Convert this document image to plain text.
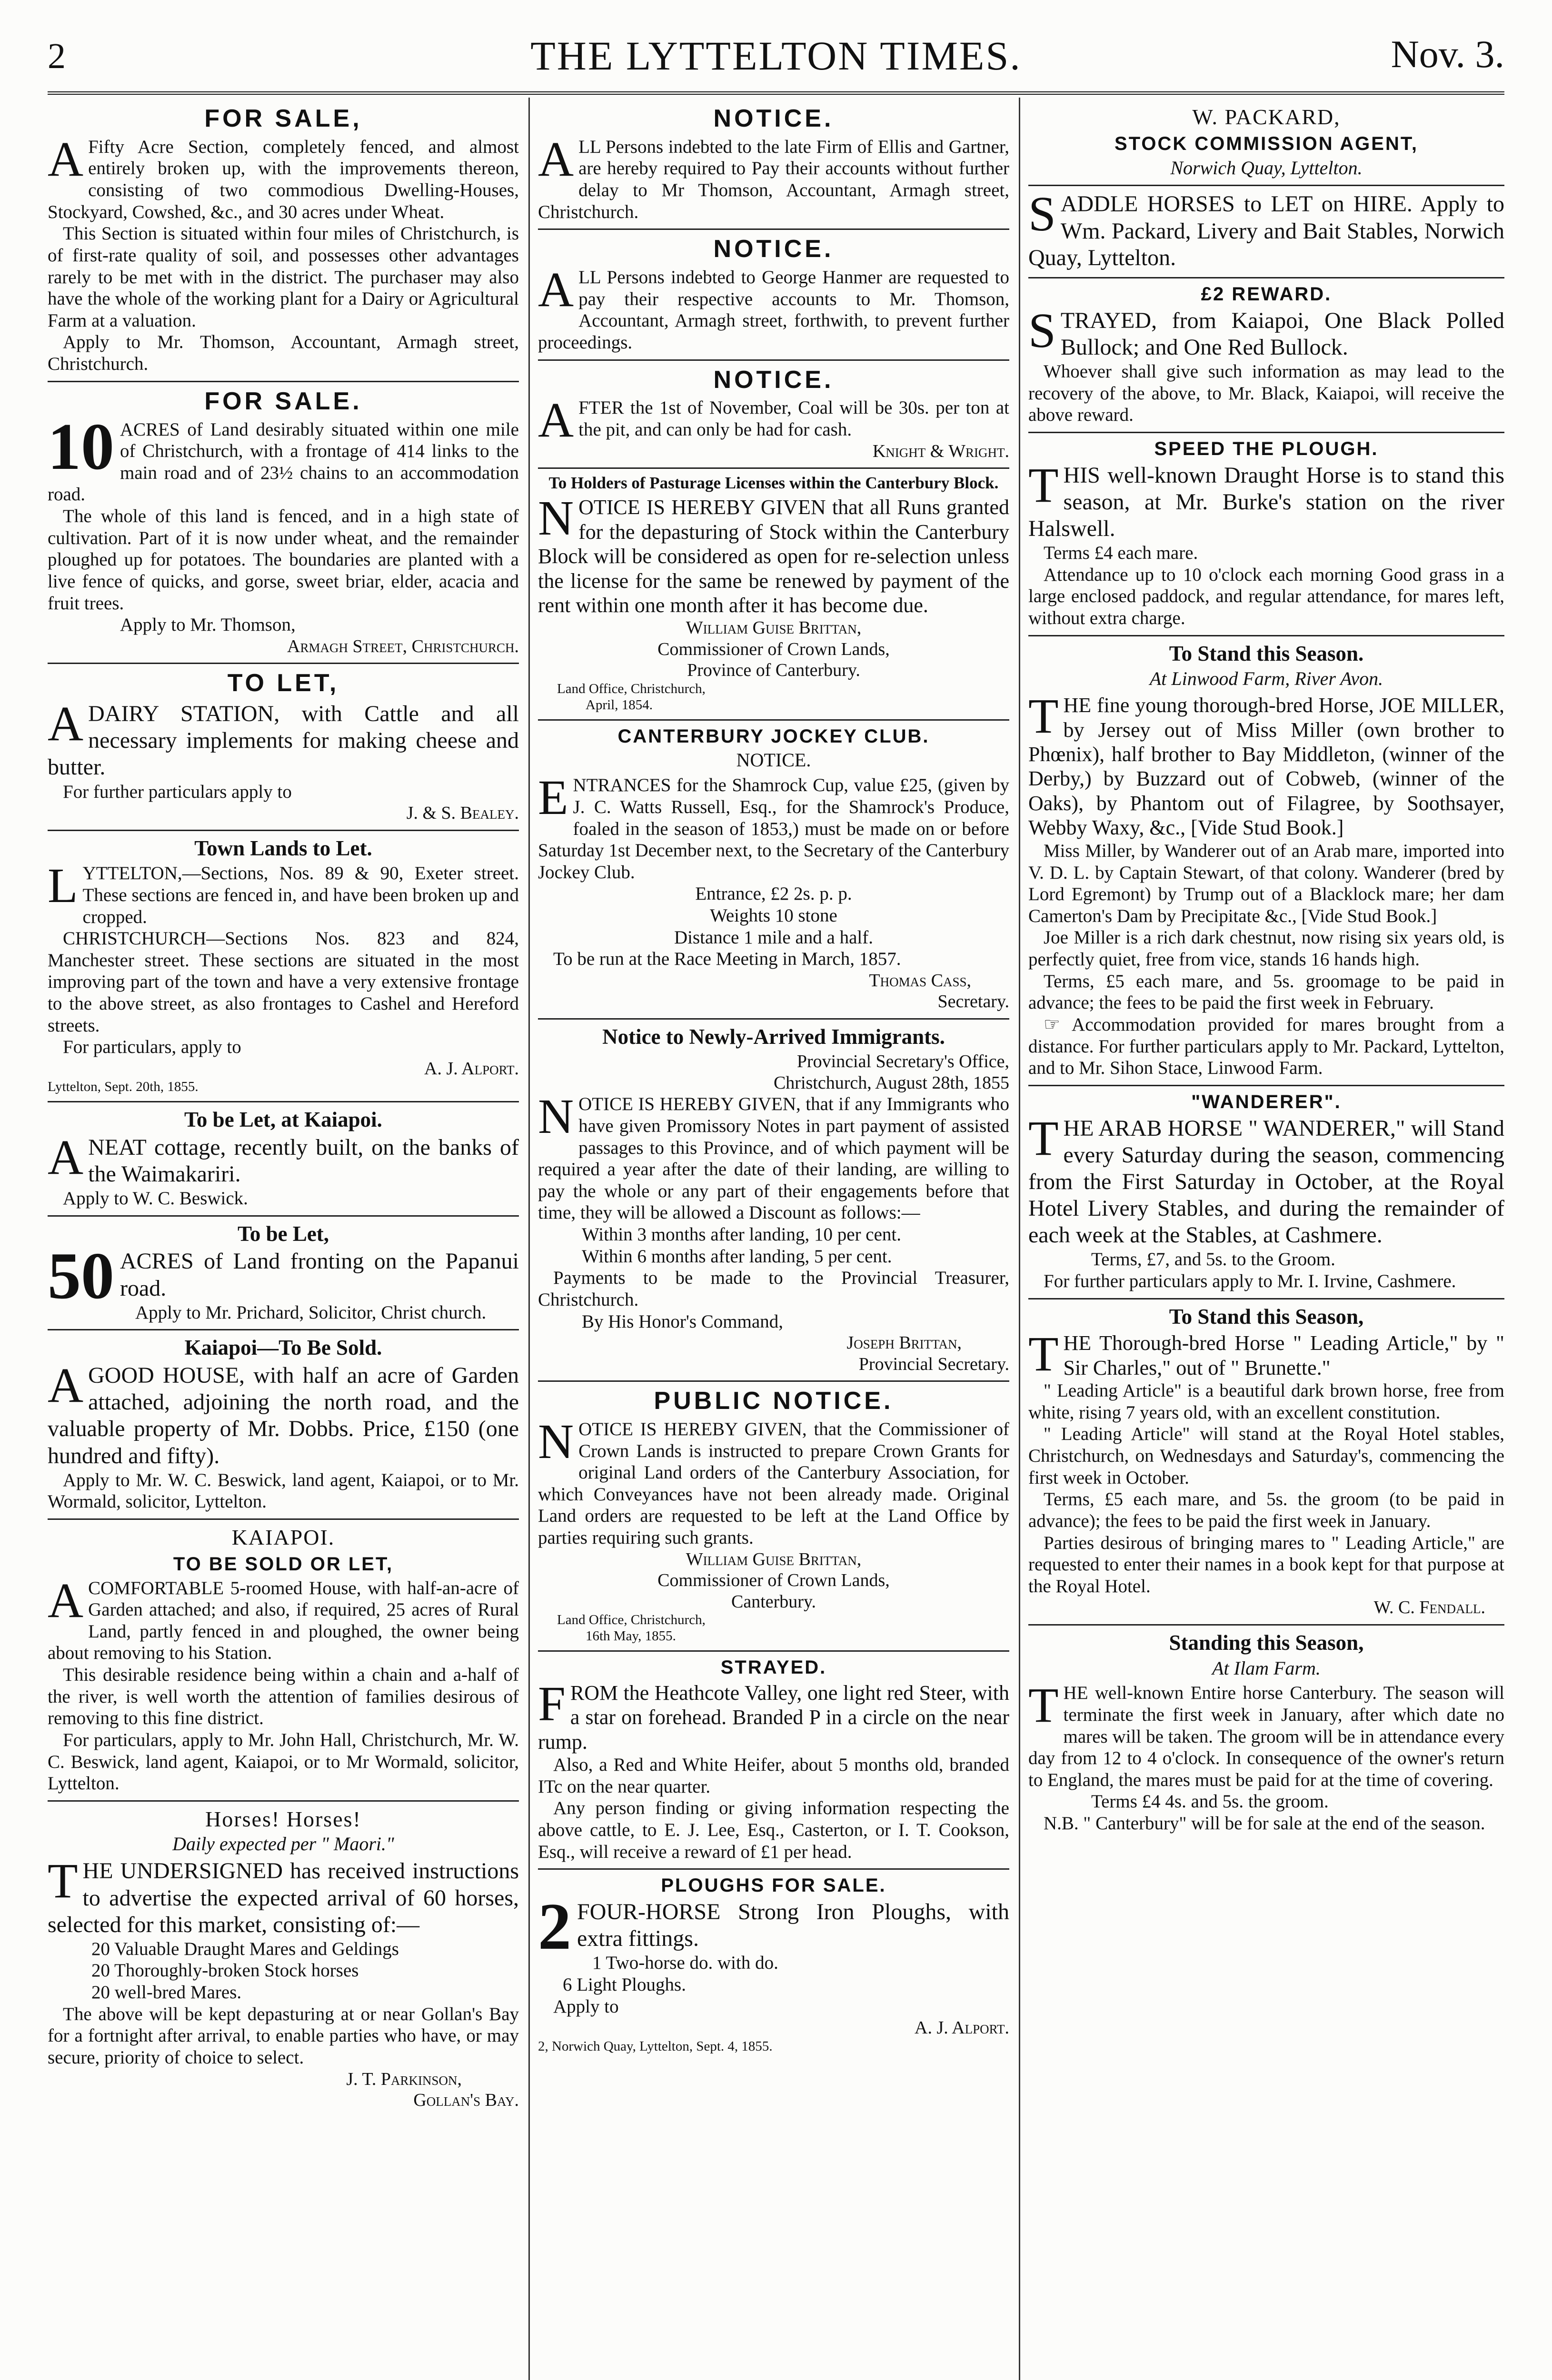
2	THE LYTTELTON TIMES.	Nov. 3.
FOR SALE,

A Fifty Acre Section, completely fenced, and almost entirely broken up, with the improvements thereon, consisting of two commodious Dwelling-Houses, Stockyard, Cowshed, &c., and 30 acres under Wheat.

This Section is situated within four miles of Christchurch, is of first-rate quality of soil, and possesses other advantages rarely to be met with in the district. The purchaser may also have the whole of the working plant for a Dairy or Agricultural Farm at a valuation.

Apply to Mr. Thomson, Accountant, Armagh street, Christchurch.

FOR SALE.

10 ACRES of Land desirably situated within one mile of Christchurch, with a frontage of 414 links to the main road and of 23½ chains to an accommodation road.

The whole of this land is fenced, and in a high state of cultivation. Part of it is now under wheat, and the remainder ploughed up for potatoes. The boundaries are planted with a live fence of quicks, and gorse, sweet briar, elder, acacia and fruit trees.

Apply to Mr. Thomson,

Armagh Street, Christchurch.
TO LET,

ADAIRY STATION, with Cattle and all necessary implements for making cheese and butter.

For further particulars apply to

J. & S. Bealey.
Town Lands to Let.

LYTTELTON,—Sections, Nos. 89 & 90, Exeter street. These sections are fenced in, and have been broken up and cropped.

CHRISTCHURCH—Sections Nos. 823 and 824, Manchester street. These sections are situated in the most improving part of the town and have a very extensive frontage to the above street, as also frontages to Cashel and Hereford streets.

For particulars, apply to

A. J. Alport.
Lyttelton, Sept. 20th, 1855.
To be Let, at Kaiapoi.

ANEAT cottage, recently built, on the banks of the Waimakariri.

Apply to W. C. Beswick.

To be Let,

50 ACRES of Land fronting on the Papanui road.

Apply to Mr. Prichard, Solicitor, Christ church.

Kaiapoi—To Be Sold.

AGOOD HOUSE, with half an acre of Garden attached, adjoining the north road, and the valuable property of Mr. Dobbs. Price, £150 (one hundred and fifty).

Apply to Mr. W. C. Beswick, land agent, Kaiapoi, or to Mr. Wormald, solicitor, Lyttelton.

KAIAPOI.
TO BE SOLD OR LET,

ACOMFORTABLE 5-roomed House, with half-an-acre of Garden attached; and also, if required, 25 acres of Rural Land, partly fenced in and ploughed, the owner being about removing to his Station.

This desirable residence being within a chain and a-half of the river, is well worth the attention of families desirous of removing to this fine district.

For particulars, apply to Mr. John Hall, Christchurch, Mr. W. C. Beswick, land agent, Kaiapoi, or to Mr Wormald, solicitor, Lyttelton.

Horses! Horses!
Daily expected per " Maori."

THE UNDERSIGNED has received instructions to advertise the expected arrival of 60 horses, selected for this market, consisting of:—

20 Valuable Draught Mares and Geldings

20 Thoroughly-broken Stock horses

20 well-bred Mares.

The above will be kept depasturing at or near Gollan's Bay for a fortnight after arrival, to enable parties who have, or may secure, priority of choice to select.

J. T. Parkinson,
Gollan's Bay.
NOTICE.

ALL Persons indebted to the late Firm of Ellis and Gartner, are hereby required to Pay their accounts without further delay to Mr Thomson, Accountant, Armagh street, Christchurch.

NOTICE.

ALL Persons indebted to George Hanmer are requested to pay their respective accounts to Mr. Thomson, Accountant, Armagh street, forthwith, to prevent further proceedings.

NOTICE.

AFTER the 1st of November, Coal will be 30s. per ton at the pit, and can only be had for cash.

Knight & Wright.
To Holders of Pasturage Licenses within the Canterbury Block.

NOTICE IS HEREBY GIVEN that all Runs granted for the depasturing of Stock within the Canterbury Block will be considered as open for re-selection unless the license for the same be renewed by payment of the rent within one month after it has become due.

William Guise Brittan,
Commissioner of Crown Lands,
Province of Canterbury.
Land Office, Christchurch,
April, 1854.
CANTERBURY JOCKEY CLUB.
NOTICE.

ENTRANCES for the Shamrock Cup, value £25, (given by J. C. Watts Russell, Esq., for the Shamrock's Produce, foaled in the season of 1853,) must be made on or before Saturday 1st December next, to the Secretary of the Canterbury Jockey Club.

Entrance, £2 2s. p. p.
Weights 10 stone
Distance 1 mile and a half.

To be run at the Race Meeting in March, 1857.

Thomas Cass,
Secretary.
Notice to Newly-Arrived Immigrants.
Provincial Secretary's Office,
Christchurch, August 28th, 1855

NOTICE IS HEREBY GIVEN, that if any Immigrants who have given Promissory Notes in part payment of assisted passages to this Province, and of which payment will be required a year after the date of their landing, are willing to pay the whole or any part of their engagements before that time, they will be allowed a Discount as follows:—

Within 3 months after landing, 10 per cent.

Within 6 months after landing, 5 per cent.

Payments to be made to the Provincial Treasurer, Christchurch.

By His Honor's Command,

Joseph Brittan,
Provincial Secretary.
PUBLIC NOTICE.

NOTICE IS HEREBY GIVEN, that the Commissioner of Crown Lands is instructed to prepare Crown Grants for original Land orders of the Canterbury Association, for which Conveyances have not been already made. Original Land orders are requested to be left at the Land Office by parties requiring such grants.

William Guise Brittan,
Commissioner of Crown Lands,
Canterbury.
Land Office, Christchurch,
16th May, 1855.
STRAYED.

FROM the Heathcote Valley, one light red Steer, with a star on forehead. Branded P in a circle on the near rump.

Also, a Red and White Heifer, about 5 months old, branded ITc on the near quarter.

Any person finding or giving information respecting the above cattle, to E. J. Lee, Esq., Casterton, or I. T. Cookson, Esq., will receive a reward of £1 per head.

PLOUGHS FOR SALE.

2 FOUR-HORSE Strong Iron Ploughs, with extra fittings.

1 Two-horse do. with do.

6 Light Ploughs.

Apply to

A. J. Alport.
2, Norwich Quay, Lyttelton, Sept. 4, 1855.
W. PACKARD,
STOCK COMMISSION AGENT,
Norwich Quay, Lyttelton.

SADDLE HORSES to LET on HIRE. Apply to Wm. Packard, Livery and Bait Stables, Norwich Quay, Lyttelton.

£2 REWARD.

STRAYED, from Kaiapoi, One Black Polled Bullock; and One Red Bullock.

Whoever shall give such information as may lead to the recovery of the above, to Mr. Black, Kaiapoi, will receive the above reward.

SPEED THE PLOUGH.

THIS well-known Draught Horse is to stand this season, at Mr. Burke's station on the river Halswell.

Terms £4 each mare.

Attendance up to 10 o'clock each morning Good grass in a large enclosed paddock, and regular attendance, for mares left, without extra charge.

To Stand this Season.
At Linwood Farm, River Avon.

THE fine young thorough-bred Horse, JOE MILLER, by Jersey out of Miss Miller (own brother to Phœnix), half brother to Bay Middleton, (winner of the Derby,) by Buzzard out of Cobweb, (winner of the Oaks), by Phantom out of Filagree, by Soothsayer, Webby Waxy, &c., [Vide Stud Book.]

Miss Miller, by Wanderer out of an Arab mare, imported into V. D. L. by Captain Stewart, of that colony. Wanderer (bred by Lord Egremont) by Trump out of a Blacklock mare; her dam Camerton's Dam by Precipitate &c., [Vide Stud Book.]

Joe Miller is a rich dark chestnut, now rising six years old, is perfectly quiet, free from vice, stands 16 hands high.

Terms, £5 each mare, and 5s. groomage to be paid in advance; the fees to be paid the first week in February.

☞ Accommodation provided for mares brought from a distance. For further particulars apply to Mr. Packard, Lyttelton, and to Mr. Sihon Stace, Linwood Farm.

"WANDERER".

THE ARAB HORSE " WANDERER," will Stand every Saturday during the season, commencing from the First Saturday in October, at the Royal Hotel Livery Stables, and during the remainder of each week at the Stables, at Cashmere.

Terms, £7, and 5s. to the Groom.

For further particulars apply to Mr. I. Irvine, Cashmere.

To Stand this Season,

THE Thorough-bred Horse " Leading Article," by " Sir Charles," out of " Brunette."

" Leading Article" is a beautiful dark brown horse, free from white, rising 7 years old, with an excellent constitution.

" Leading Article" will stand at the Royal Hotel stables, Christchurch, on Wednesdays and Saturday's, commencing the first week in October.

Terms, £5 each mare, and 5s. the groom (to be paid in advance); the fees to be paid the first week in January.

Parties desirous of bringing mares to " Leading Article," are requested to enter their names in a book kept for that purpose at the Royal Hotel.

W. C. Fendall.
Standing this Season,
At Ilam Farm.

THE well-known Entire horse Canterbury. The season will terminate the first week in January, after which date no mares will be taken. The groom will be in attendance every day from 12 to 4 o'clock. In consequence of the owner's return to England, the mares must be paid for at the time of covering.

Terms £4 4s. and 5s. the groom.

N.B. " Canterbury" will be for sale at the end of the season.
